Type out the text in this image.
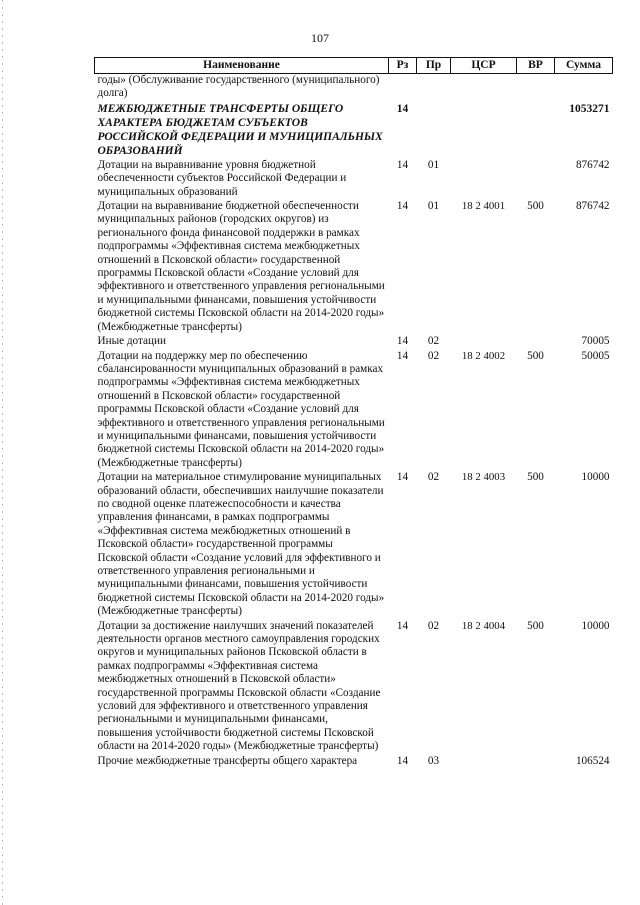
107
Наименование	Рз	Пр	ЦСР	ВР	Сумма
годы» (Обслуживание государственного (муниципального) долга)					
МЕЖБЮДЖЕТНЫЕ ТРАНСФЕРТЫ ОБЩЕГО ХАРАКТЕРА БЮДЖЕТАМ СУБЪЕКТОВ РОССИЙСКОЙ ФЕДЕРАЦИИ И МУНИЦИПАЛЬНЫХ ОБРАЗОВАНИЙ	14				1053271
Дотации на выравнивание уровня бюджетной обеспеченности субъектов Российской Федерации и муниципальных образований	14	01			876742
Дотации на выравнивание бюджетной обеспеченности муниципальных районов (городских округов) из регионального фонда финансовой поддержки в рамках подпрограммы «Эффективная система межбюджетных отношений в Псковской области» государственной программы Псковской области «Создание условий для эффективного и ответственного управления региональными и муниципальными финансами, повышения устойчивости бюджетной системы Псковской области на 2014-2020 годы» (Межбюджетные трансферты)	14	01	18 2 4001	500	876742
Иные дотации	14	02			70005
Дотации на поддержку мер по обеспечению сбалансированности муниципальных образований в рамках подпрограммы «Эффективная система межбюджетных отношений в Псковской области» государственной программы Псковской области «Создание условий для эффективного и ответственного управления региональными и муниципальными финансами, повышения устойчивости бюджетной системы Псковской области на 2014-2020 годы» (Межбюджетные трансферты)	14	02	18 2 4002	500	50005
Дотации на материальное стимулирование муниципальных образований области, обеспечивших наилучшие показатели по сводной оценке платежеспособности и качества управления финансами, в рамках подпрограммы «Эффективная система межбюджетных отношений в Псковской области» государственной программы Псковской области «Создание условий для эффективного и ответственного управления региональными и муниципальными финансами, повышения устойчивости бюджетной системы Псковской области на 2014-2020 годы» (Межбюджетные трансферты)	14	02	18 2 4003	500	10000
Дотации за достижение наилучших значений показателей деятельности органов местного самоуправления городских округов и муниципальных районов Псковской области в рамках подпрограммы «Эффективная система межбюджетных отношений в Псковской области» государственной программы Псковской области «Создание условий для эффективного и ответственного управления региональными и муниципальными финансами, повышения устойчивости бюджетной системы Псковской области на 2014-2020 годы» (Межбюджетные трансферты)	14	02	18 2 4004	500	10000
Прочие межбюджетные трансферты общего характера	14	03			106524
